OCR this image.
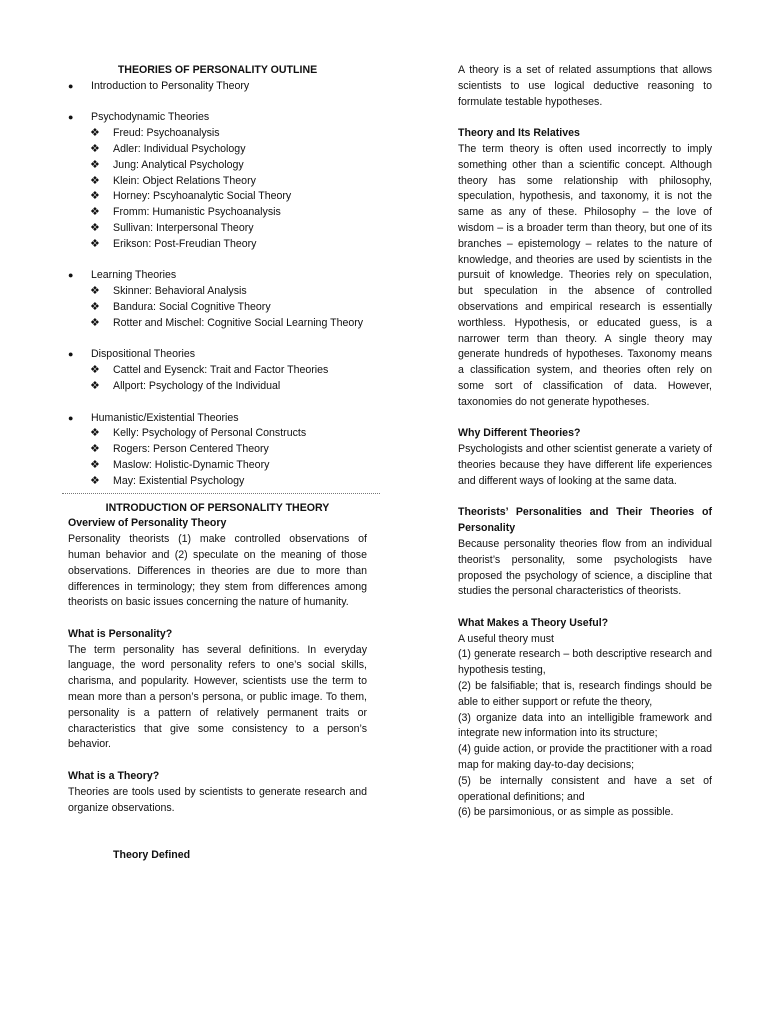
THEORIES OF PERSONALITY OUTLINE

● Introduction to Personality Theory
● Psychodynamic Theories
❖ Freud: Psychoanalysis
❖ Adler: Individual Psychology
❖ Jung: Analytical Psychology
❖ Klein: Object Relations Theory
❖ Horney: Pscyhoanalytic Social Theory
❖ Fromm: Humanistic Psychoanalysis
❖ Sullivan: Interpersonal Theory
❖ Erikson: Post-Freudian Theory
● Learning Theories
❖ Skinner: Behavioral Analysis
❖ Bandura: Social Cognitive Theory
❖ Rotter and Mischel: Cognitive Social Learning Theory
● Dispositional Theories
❖ Cattel and Eysenck: Trait and Factor Theories
❖ Allport: Psychology of the Individual
● Humanistic/Existential Theories
❖ Kelly: Psychology of Personal Constructs
❖ Rogers: Person Centered Theory
❖ Maslow: Holistic-Dynamic Theory
❖ May: Existential Psychology

INTRODUCTION OF PERSONALITY THEORY

Overview of Personality Theory

Personality theorists (1) make controlled observations of human behavior and (2) speculate on the meaning of those observations. Differences in theories are due to more than differences in terminology; they stem from differences among theorists on basic issues concerning the nature of humanity.

What is Personality?

The term personality has several definitions. In everyday language, the word personality refers to one’s social skills, charisma, and popularity. However, scientists use the term to mean more than a person’s persona, or public image. To them, personality is a pattern of relatively permanent traits or characteristics that give some consistency to a person’s behavior.

What is a Theory?

Theories are tools used by scientists to generate research and organize observations.

Theory Defined

A theory is a set of related assumptions that allows scientists to use logical deductive reasoning to formulate testable hypotheses.

Theory and Its Relatives

The term theory is often used incorrectly to imply something other than a scientific concept. Although theory has some relationship with philosophy, speculation, hypothesis, and taxonomy, it is not the same as any of these. Philosophy – the love of wisdom – is a broader term than theory, but one of its branches – epistemology – relates to the nature of knowledge, and theories are used by scientists in the pursuit of knowledge. Theories rely on speculation, but speculation in the absence of controlled observations and empirical research is essentially worthless. Hypothesis, or educated guess, is a narrower term than theory. A single theory may generate hundreds of hypotheses. Taxonomy means a classification system, and theories often rely on some sort of classification of data. However, taxonomies do not generate hypotheses.

Why Different Theories?

Psychologists and other scientist generate a variety of theories because they have different life experiences and different ways of looking at the same data.

Theorists’ Personalities and Their Theories of Personality

Because personality theories flow from an individual theorist’s personality, some psychologists have proposed the psychology of science, a discipline that studies the personal characteristics of theorists.

What Makes a Theory Useful?

A useful theory must

(1) generate research – both descriptive research and hypothesis testing,

(2) be falsifiable; that is, research findings should be able to either support or refute the theory,

(3) organize data into an intelligible framework and integrate new information into its structure;

(4) guide action, or provide the practitioner with a road map for making day-to-day decisions;

(5) be internally consistent and have a set of operational definitions; and

(6) be parsimonious, or as simple as possible.
